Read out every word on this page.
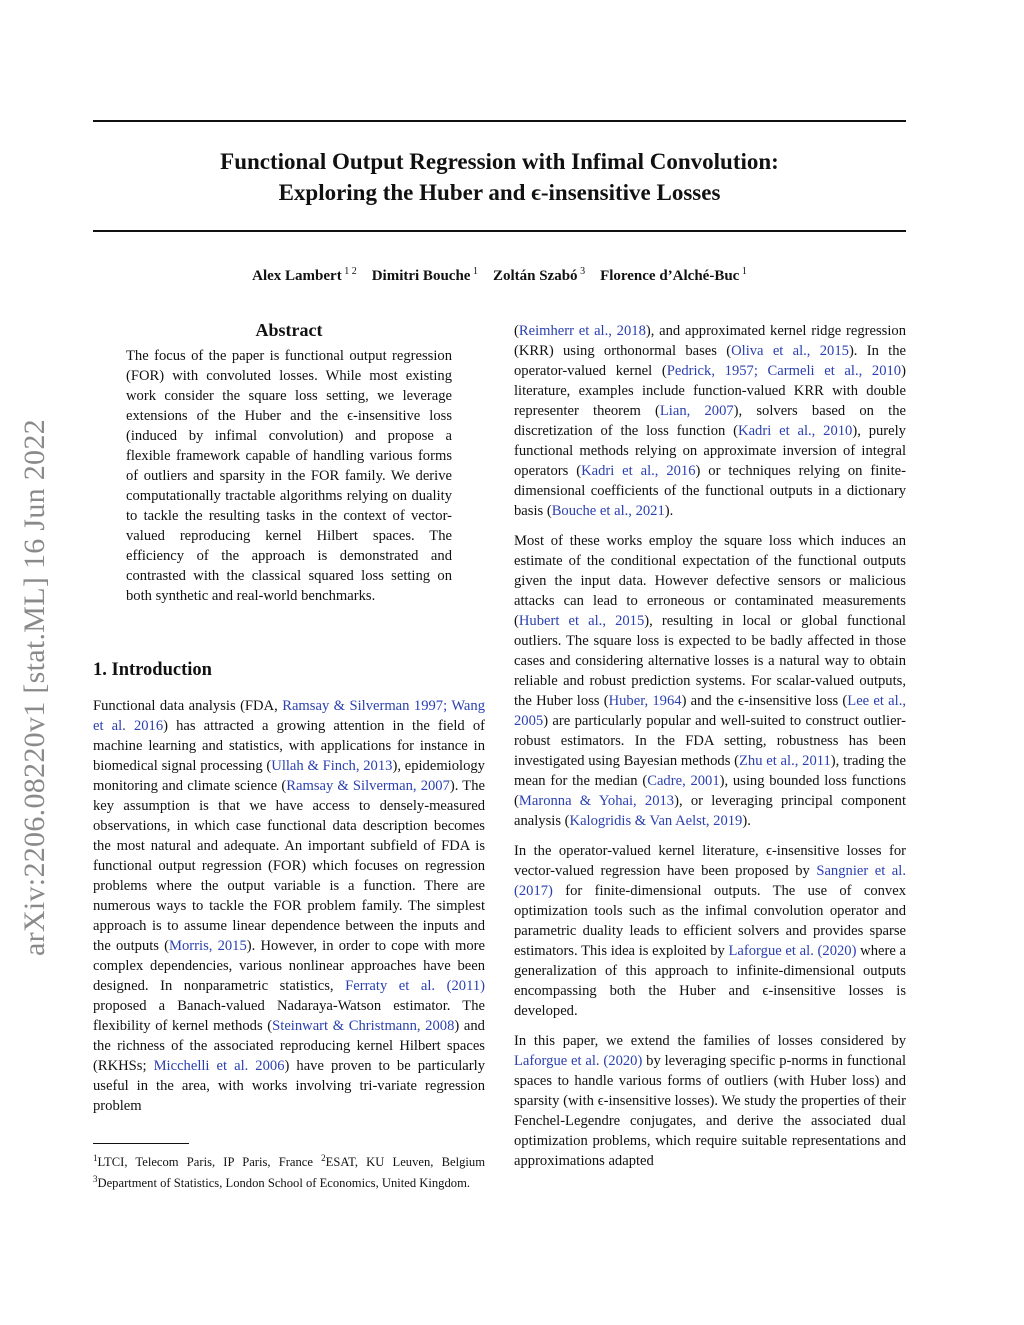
Functional Output Regression with Infimal Convolution:
Exploring the Huber and ϵ-insensitive Losses
Alex Lambert $^{1 2}$  Dimitri Bouche $^1$  Zoltán Szabó $^3$  Florence d’Alché-Buc $^1$
arXiv:2206.08220v1 [stat.ML] 16 Jun 2022
Abstract

The focus of the paper is functional output regression (FOR) with convoluted losses. While most existing work consider the square loss setting, we leverage extensions of the Huber and the ϵ-insensitive loss (induced by infimal convolution) and propose a flexible framework capable of handling various forms of outliers and sparsity in the FOR family. We derive computationally tractable algorithms relying on duality to tackle the resulting tasks in the context of vector-valued reproducing kernel Hilbert spaces. The efficiency of the approach is demonstrated and contrasted with the classical squared loss setting on both synthetic and real-world benchmarks.

1. Introduction

Functional data analysis (FDA, Ramsay & Silverman 1997; Wang et al. 2016) has attracted a growing attention in the field of machine learning and statistics, with applications for instance in biomedical signal processing (Ullah & Finch, 2013), epidemiology monitoring and climate science (Ramsay & Silverman, 2007). The key assumption is that we have access to densely-measured observations, in which case functional data description becomes the most natural and adequate. An important subfield of FDA is functional output regression (FOR) which focuses on regression problems where the output variable is a function. There are numerous ways to tackle the FOR problem family. The simplest approach is to assume linear dependence between the inputs and the outputs (Morris, 2015). However, in order to cope with more complex dependencies, various nonlinear approaches have been designed. In nonparametric statistics, Ferraty et al. (2011) proposed a Banach-valued Nadaraya-Watson estimator. The flexibility of kernel methods (Steinwart & Christmann, 2008) and the richness of the associated reproducing kernel Hilbert spaces (RKHSs; Micchelli et al. 2006) have proven to be particularly useful in the area, with works involving tri-variate regression problem

$^1$LTCI, Telecom Paris, IP Paris, France $^2$ESAT, KU Leuven, Belgium $^3$Department of Statistics, London School of Economics, United Kingdom.

(Reimherr et al., 2018), and approximated kernel ridge regression (KRR) using orthonormal bases (Oliva et al., 2015). In the operator-valued kernel (Pedrick, 1957; Carmeli et al., 2010) literature, examples include function-valued KRR with double representer theorem (Lian, 2007), solvers based on the discretization of the loss function (Kadri et al., 2010), purely functional methods relying on approximate inversion of integral operators (Kadri et al., 2016) or techniques relying on finite-dimensional coefficients of the functional outputs in a dictionary basis (Bouche et al., 2021).

Most of these works employ the square loss which induces an estimate of the conditional expectation of the functional outputs given the input data. However defective sensors or malicious attacks can lead to erroneous or contaminated measurements (Hubert et al., 2015), resulting in local or global functional outliers. The square loss is expected to be badly affected in those cases and considering alternative losses is a natural way to obtain reliable and robust prediction systems. For scalar-valued outputs, the Huber loss (Huber, 1964) and the ϵ-insensitive loss (Lee et al., 2005) are particularly popular and well-suited to construct outlier-robust estimators. In the FDA setting, robustness has been investigated using Bayesian methods (Zhu et al., 2011), trading the mean for the median (Cadre, 2001), using bounded loss functions (Maronna & Yohai, 2013), or leveraging principal component analysis (Kalogridis & Van Aelst, 2019).

In the operator-valued kernel literature, ϵ-insensitive losses for vector-valued regression have been proposed by Sangnier et al. (2017) for finite-dimensional outputs. The use of convex optimization tools such as the infimal convolution operator and parametric duality leads to efficient solvers and provides sparse estimators. This idea is exploited by Laforgue et al. (2020) where a generalization of this approach to infinite-dimensional outputs encompassing both the Huber and ϵ-insensitive losses is developed.

In this paper, we extend the families of losses considered by Laforgue et al. (2020) by leveraging specific p-norms in functional spaces to handle various forms of outliers (with Huber loss) and sparsity (with ϵ-insensitive losses). We study the properties of their Fenchel-Legendre conjugates, and derive the associated dual optimization problems, which require suitable representations and approximations adapted
